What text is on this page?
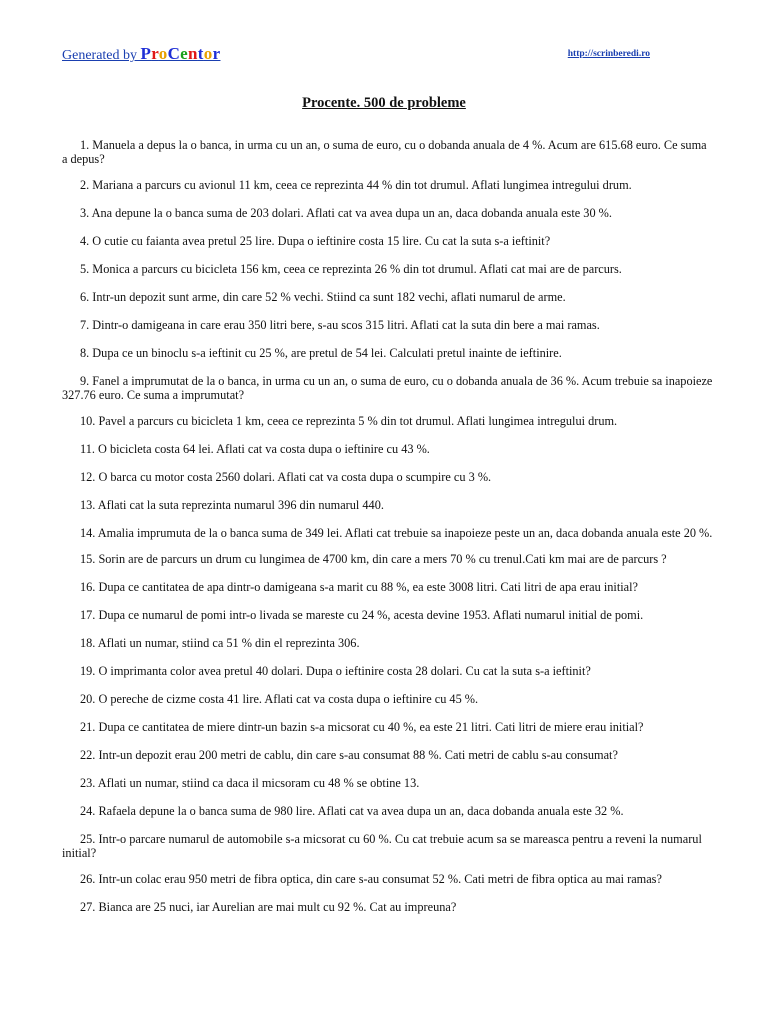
Generated by ProCentor	http://scrinberedi.ro
Procente. 500 de probleme

1. Manuela a depus la o banca, in urma cu un an, o suma de euro, cu o dobanda anuala de 4 %. Acum are 615.68 euro. Ce suma a depus?

2. Mariana a parcurs cu avionul 11 km, ceea ce reprezinta 44 % din tot drumul. Aflati lungimea intregului drum.

3. Ana depune la o banca suma de 203 dolari. Aflati cat va avea dupa un an, daca dobanda anuala este 30 %.

4. O cutie cu faianta avea pretul 25 lire. Dupa o ieftinire costa 15 lire. Cu cat la suta s-a ieftinit?

5. Monica a parcurs cu bicicleta 156 km, ceea ce reprezinta 26 % din tot drumul. Aflati cat mai are de parcurs.

6. Intr-un depozit sunt arme, din care 52 % vechi. Stiind ca sunt 182 vechi, aflati numarul de arme.

7. Dintr-o damigeana in care erau 350 litri bere, s-au scos 315 litri. Aflati cat la suta din bere a mai ramas.

8. Dupa ce un binoclu s-a ieftinit cu 25 %, are pretul de 54 lei. Calculati pretul inainte de ieftinire.

9. Fanel a imprumutat de la o banca, in urma cu un an, o suma de euro, cu o dobanda anuala de 36 %. Acum trebuie sa inapoieze 327.76 euro. Ce suma a imprumutat?

10. Pavel a parcurs cu bicicleta 1 km, ceea ce reprezinta 5 % din tot drumul. Aflati lungimea intregului drum.

11. O bicicleta costa 64 lei. Aflati cat va costa dupa o ieftinire cu 43 %.

12. O barca cu motor costa 2560 dolari. Aflati cat va costa dupa o scumpire cu 3 %.

13. Aflati cat la suta reprezinta numarul 396 din numarul 440.

14. Amalia imprumuta de la o banca suma de 349 lei. Aflati cat trebuie sa inapoieze peste un an, daca dobanda anuala este 20 %.

15. Sorin are de parcurs un drum cu lungimea de 4700 km, din care a mers 70 % cu trenul.Cati km mai are de parcurs ?

16. Dupa ce cantitatea de apa dintr-o damigeana s-a marit cu 88 %, ea este 3008 litri. Cati litri de apa erau initial?

17. Dupa ce numarul de pomi intr-o livada se mareste cu 24 %, acesta devine 1953. Aflati numarul initial de pomi.

18. Aflati un numar, stiind ca 51 % din el reprezinta 306.

19. O imprimanta color avea pretul 40 dolari. Dupa o ieftinire costa 28 dolari. Cu cat la suta s-a ieftinit?

20. O pereche de cizme costa 41 lire. Aflati cat va costa dupa o ieftinire cu 45 %.

21. Dupa ce cantitatea de miere dintr-un bazin s-a micsorat cu 40 %, ea este 21 litri. Cati litri de miere erau initial?

22. Intr-un depozit erau 200 metri de cablu, din care s-au consumat 88 %. Cati metri de cablu s-au consumat?

23. Aflati un numar, stiind ca daca il micsoram cu 48 % se obtine 13.

24. Rafaela depune la o banca suma de 980 lire. Aflati cat va avea dupa un an, daca dobanda anuala este 32 %.

25. Intr-o parcare numarul de automobile s-a micsorat cu 60 %. Cu cat trebuie acum sa se mareasca pentru a reveni la numarul initial?

26. Intr-un colac erau 950 metri de fibra optica, din care s-au consumat 52 %. Cati metri de fibra optica au mai ramas?

27. Bianca are 25 nuci, iar Aurelian are mai mult cu 92 %. Cat au impreuna?
